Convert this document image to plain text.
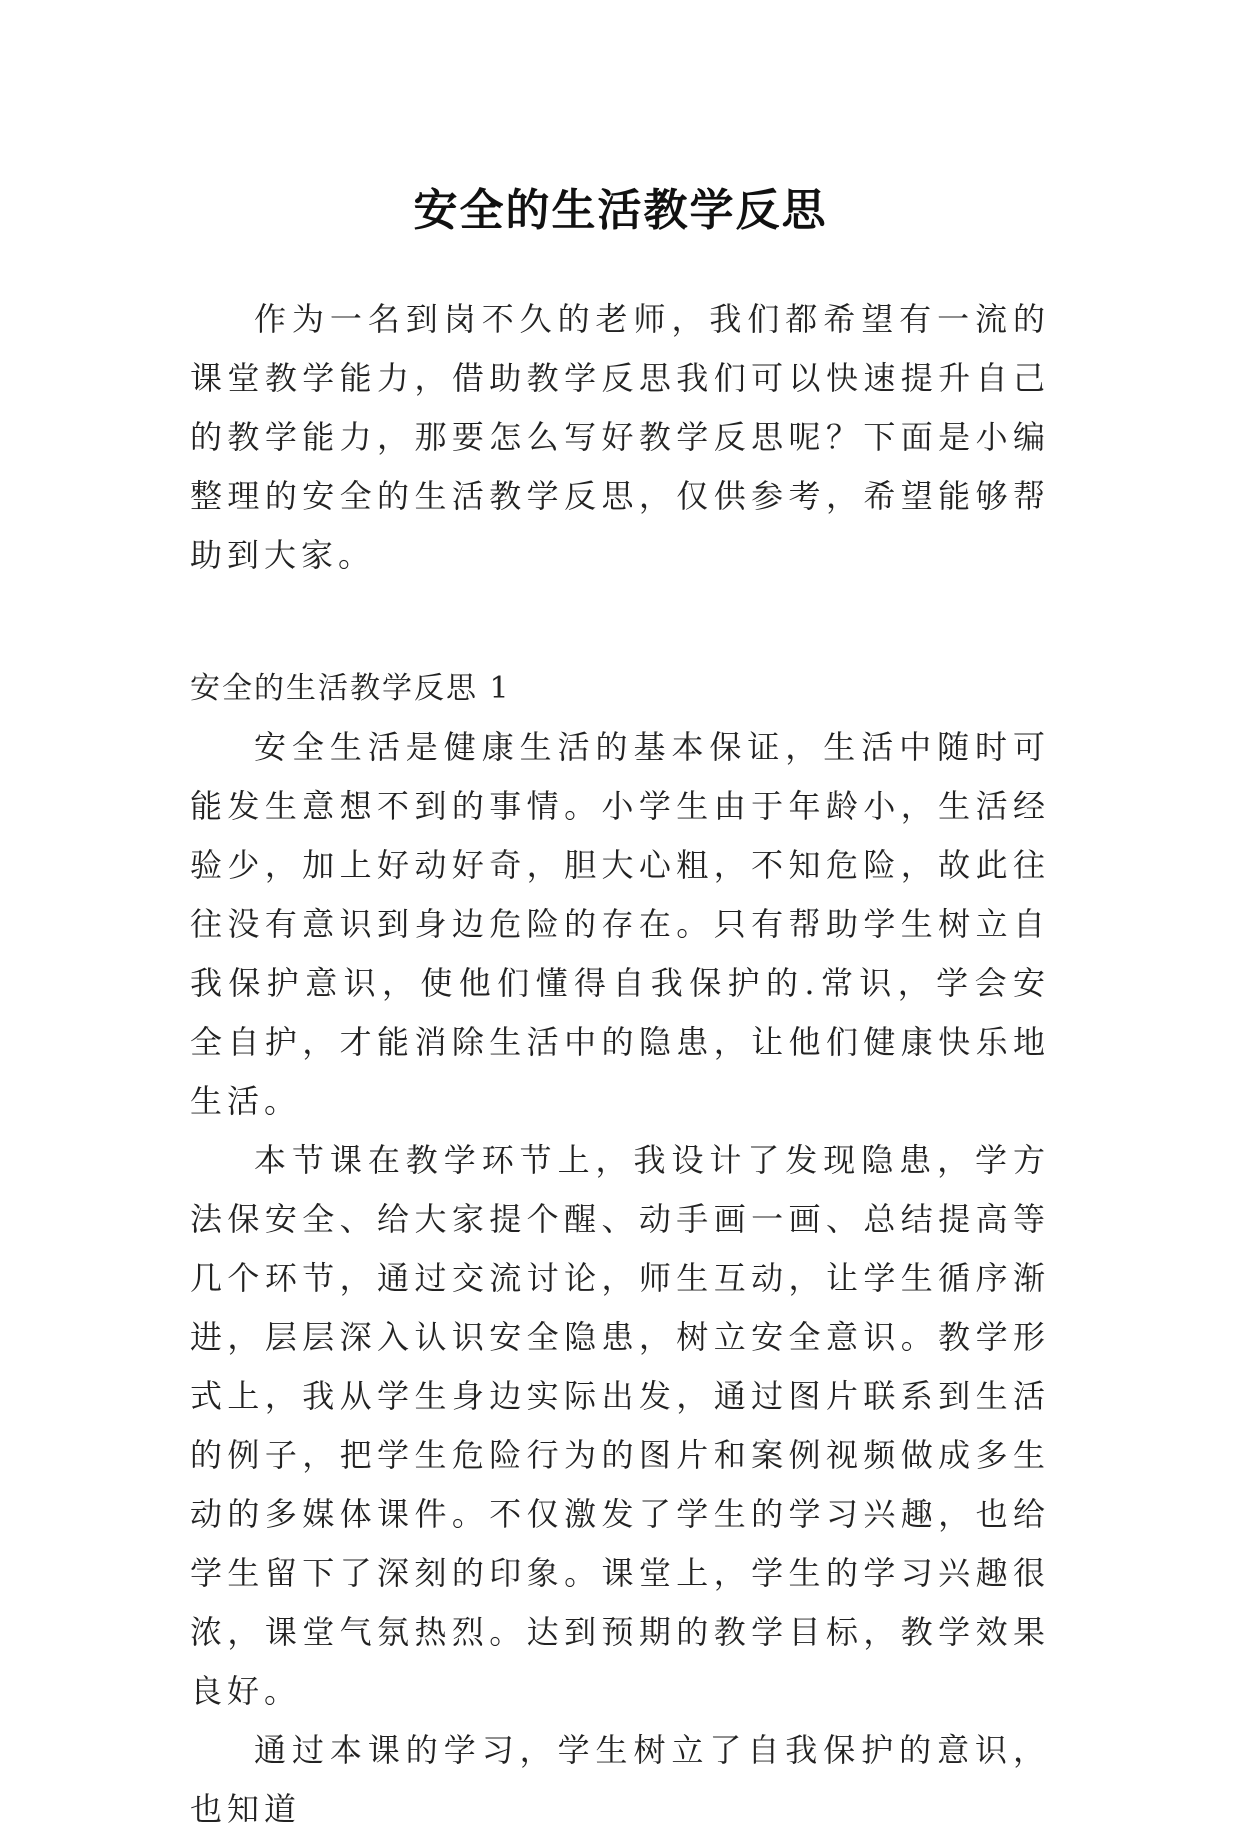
安全的生活教学反思

作为一名到岗不久的老师，我们都希望有一流的课堂教学能力，借助教学反思我们可以快速提升自己的教学能力，那要怎么写好教学反思呢？下面是小编整理的安全的生活教学反思，仅供参考，希望能够帮助到大家。

安全的生活教学反思 1

安全生活是健康生活的基本保证，生活中随时可能发生意想不到的事情。小学生由于年龄小，生活经验少，加上好动好奇，胆大心粗，不知危险，故此往往没有意识到身边危险的存在。只有帮助学生树立自我保护意识，使他们懂得自我保护的.常识，学会安全自护，才能消除生活中的隐患，让他们健康快乐地生活。

本节课在教学环节上，我设计了发现隐患，学方法保安全、给大家提个醒、动手画一画、总结提高等几个环节，通过交流讨论，师生互动，让学生循序渐进，层层深入认识安全隐患，树立安全意识。教学形式上，我从学生身边实际出发，通过图片联系到生活的例子，把学生危险行为的图片和案例视频做成多生动的多媒体课件。不仅激发了学生的学习兴趣，也给学生留下了深刻的印象。课堂上，学生的学习兴趣很浓，课堂气氛热烈。达到预期的教学目标，教学效果良好。

通过本课的学习，学生树立了自我保护的意识，也知道
